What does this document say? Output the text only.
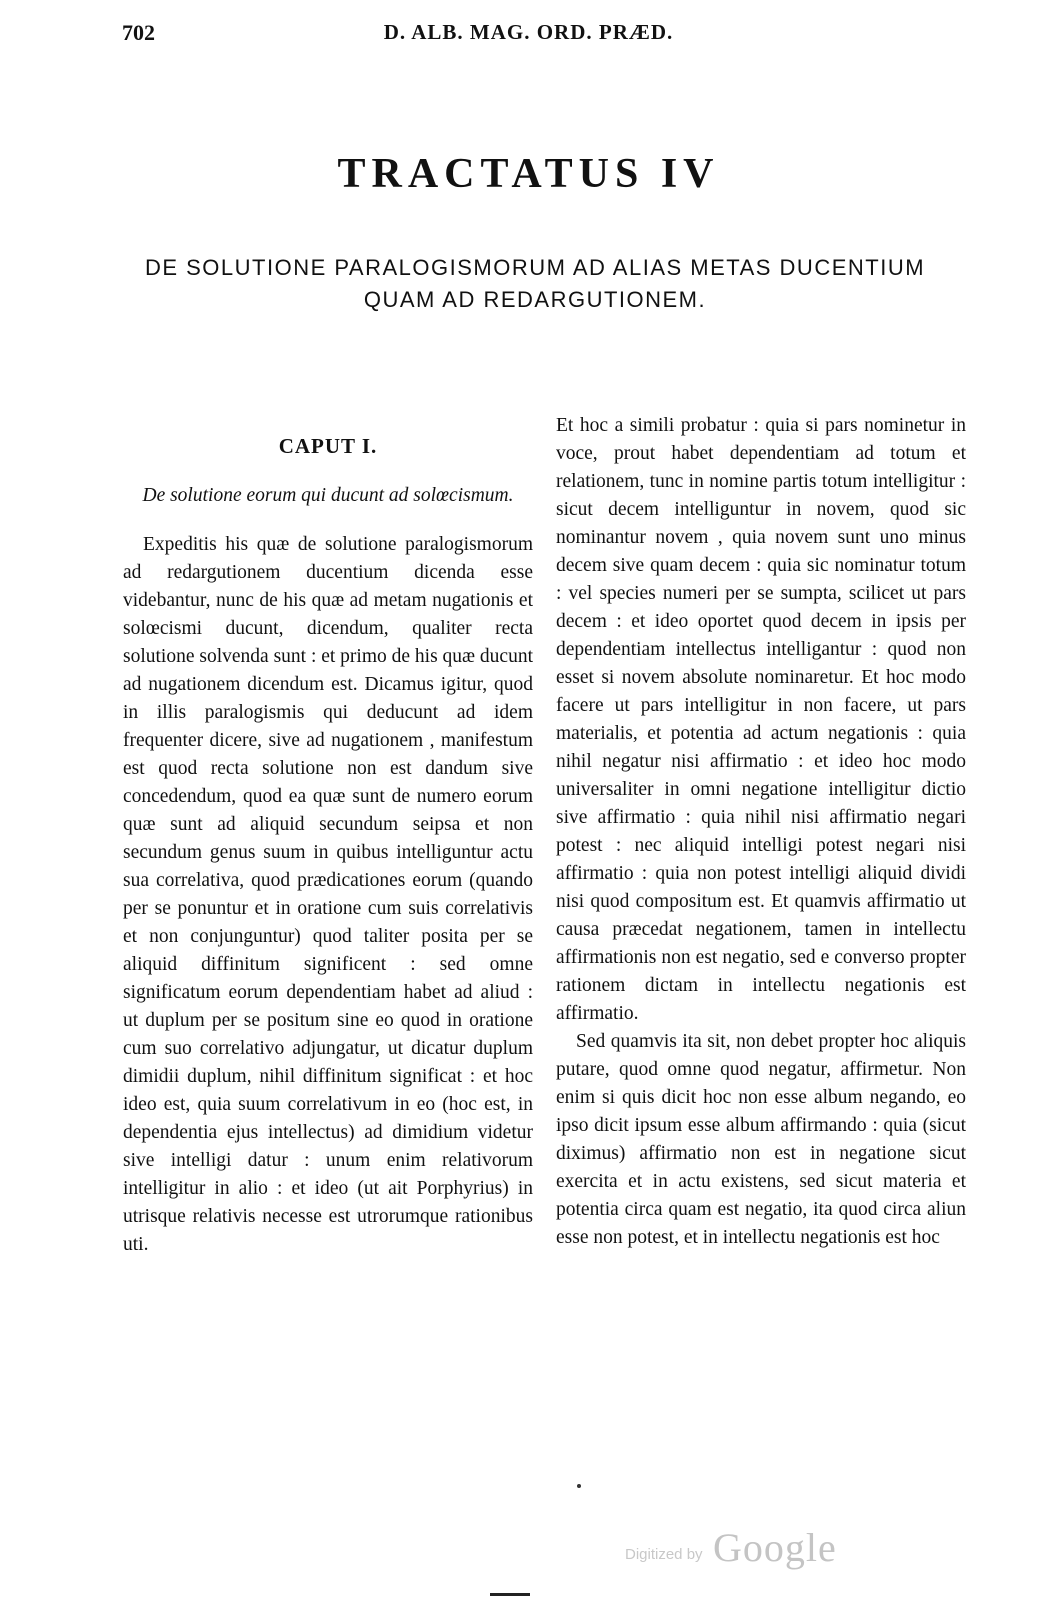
702	D. ALB. MAG. ORD. PRÆD.
TRACTATUS IV
DE SOLUTIONE PARALOGISMORUM AD ALIAS METAS DUCENTIUM
QUAM AD REDARGUTIONEM.
CAPUT I.
De solutione eorum qui ducunt ad solœcismum.

Expeditis his quæ de solutione paralogismorum ad redargutionem ducentium dicenda esse videbantur, nunc de his quæ ad metam nugationis et solœcismi ducunt, dicendum, qualiter recta solutione solvenda sunt : et primo de his quæ ducunt ad nugationem dicendum est. Dicamus igitur, quod in illis paralogismis qui deducunt ad idem frequenter dicere, sive ad nugationem , manifestum est quod recta solutione non est dandum sive concedendum, quod ea quæ sunt de numero eorum quæ sunt ad aliquid secundum seipsa et non secundum genus suum in quibus intelliguntur actu sua correlativa, quod prædicationes eorum (quando per se ponuntur et in oratione cum suis correlativis et non conjunguntur) quod taliter posita per se aliquid diffinitum significent : sed omne significatum eorum dependentiam habet ad aliud : ut duplum per se positum sine eo quod in oratione cum suo correlativo adjungatur, ut dicatur duplum dimidii duplum, nihil diffinitum significat : et hoc ideo est, quia suum correlativum in eo (hoc est, in dependentia ejus intellectus) ad dimidium videtur sive intelligi datur : unum enim relativorum intelligitur in alio : et ideo (ut ait Porphyrius) in utrisque relativis necesse est utrorumque rationibus uti.

Et hoc a simili probatur : quia si pars nominetur in voce, prout habet dependentiam ad totum et relationem, tunc in nomine partis totum intelligitur : sicut decem intelliguntur in novem, quod sic nominantur novem , quia novem sunt uno minus decem sive quam decem : quia sic nominatur totum : vel species numeri per se sumpta, scilicet ut pars decem : et ideo oportet quod decem in ipsis per dependentiam intellectus intelligantur : quod non esset si novem absolute nominaretur. Et hoc modo facere ut pars intelligitur in non facere, ut pars materialis, et potentia ad actum negationis : quia nihil negatur nisi affirmatio : et ideo hoc modo universaliter in omni negatione intelligitur dictio sive affirmatio : quia nihil nisi affirmatio negari potest : nec aliquid intelligi potest negari nisi affirmatio : quia non potest intelligi aliquid dividi nisi quod compositum est. Et quamvis affirmatio ut causa præcedat negationem, tamen in intellectu affirmationis non est negatio, sed e converso propter rationem dictam in intellectu negationis est affirmatio.

Sed quamvis ita sit, non debet propter hoc aliquis putare, quod omne quod negatur, affirmetur. Non enim si quis dicit hoc non esse album negando, eo ipso dicit ipsum esse album affirmando : quia (sicut diximus) affirmatio non est in negatione sicut exercita et in actu existens, sed sicut materia et potentia circa quam est negatio, ita quod circa aliun esse non potest, et in intellectu negationis est hoc

Digitized by Google
